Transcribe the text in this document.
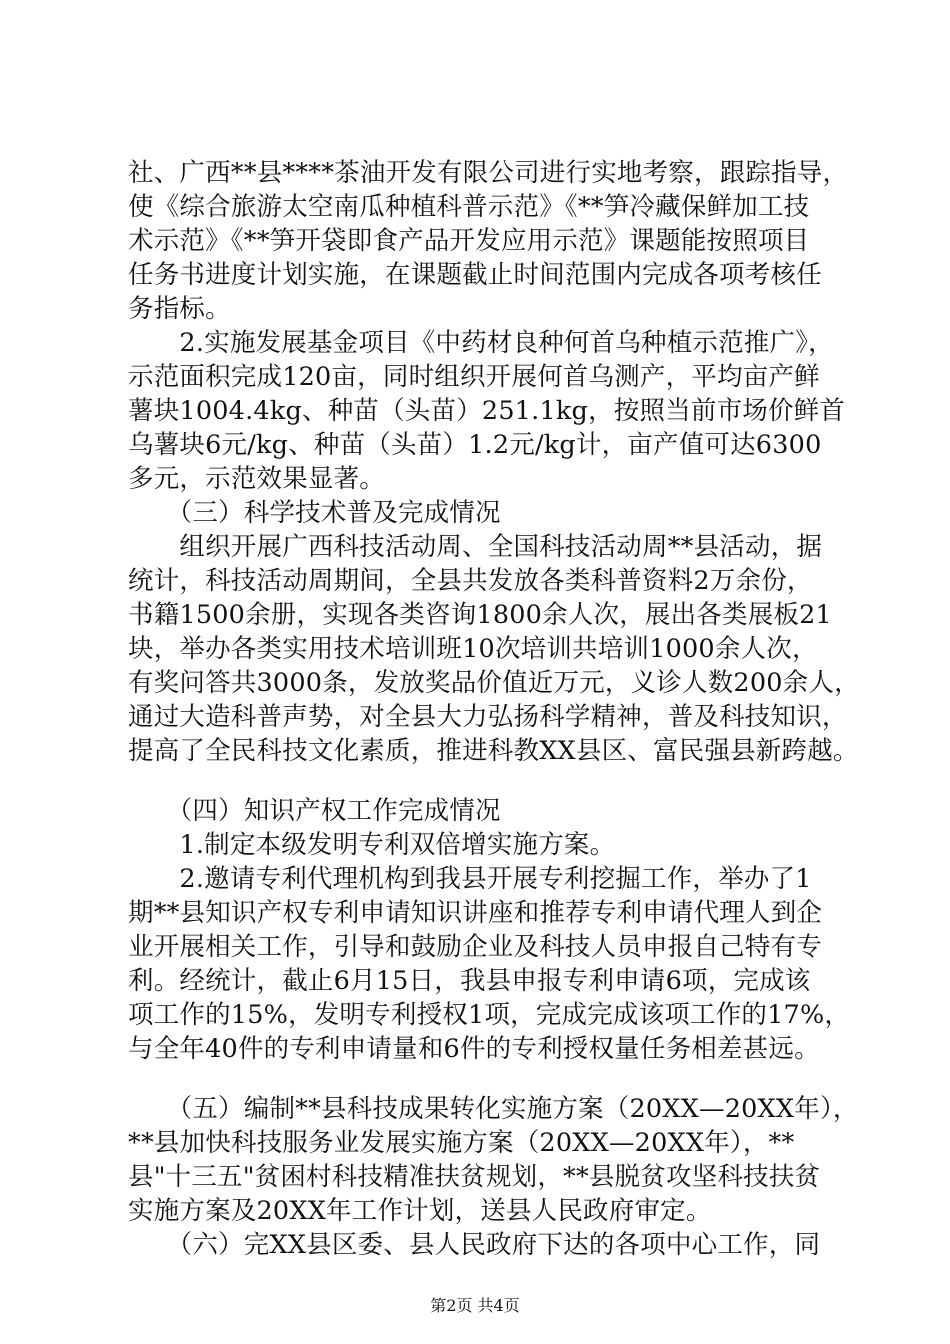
社、广西**县****茶油开发有限公司进行实地考察，跟踪指导，
使《综合旅游太空南瓜种植科普示范》《**笋冷藏保鲜加工技
术示范》《**笋开袋即食产品开发应用示范》课题能按照项目
任务书进度计划实施，在课题截止时间范围内完成各项考核任
务指标。
　　2.实施发展基金项目《中药材良种何首乌种植示范推广》，
示范面积完成120亩，同时组织开展何首乌测产，平均亩产鲜
薯块1004.4kg、种苗（头苗）251.1kg，按照当前市场价鲜首
乌薯块6元/kg、种苗（头苗）1.2元/kg计，亩产值可达6300
多元，示范效果显著。
　　（三）科学技术普及完成情况
　　组织开展广西科技活动周、全国科技活动周**县活动，据
统计，科技活动周期间，全县共发放各类科普资料2万余份，
书籍1500余册，实现各类咨询1800余人次，展出各类展板21
块，举办各类实用技术培训班10次培训共培训1000余人次，
有奖问答共3000条，发放奖品价值近万元，义诊人数200余人，
通过大造科普声势，对全县大力弘扬科学精神，普及科技知识，
提高了全民科技文化素质，推进科教XX县区、富民强县新跨越。
　　（四）知识产权工作完成情况
　　1.制定本级发明专利双倍增实施方案。
　　2.邀请专利代理机构到我县开展专利挖掘工作，举办了1
期**县知识产权专利申请知识讲座和推荐专利申请代理人到企
业开展相关工作，引导和鼓励企业及科技人员申报自己特有专
利。经统计，截止6月15日，我县申报专利申请6项，完成该
项工作的15%，发明专利授权1项，完成完成该项工作的17%，
与全年40件的专利申请量和6件的专利授权量任务相差甚远。
　　（五）编制**县科技成果转化实施方案（20XX—20XX年），
**县加快科技服务业发展实施方案（20XX—20XX年），**
县"十三五"贫困村科技精准扶贫规划，**县脱贫攻坚科技扶贫
实施方案及20XX年工作计划，送县人民政府审定。
　　（六）完XX县区委、县人民政府下达的各项中心工作，同
第2页 共4页
